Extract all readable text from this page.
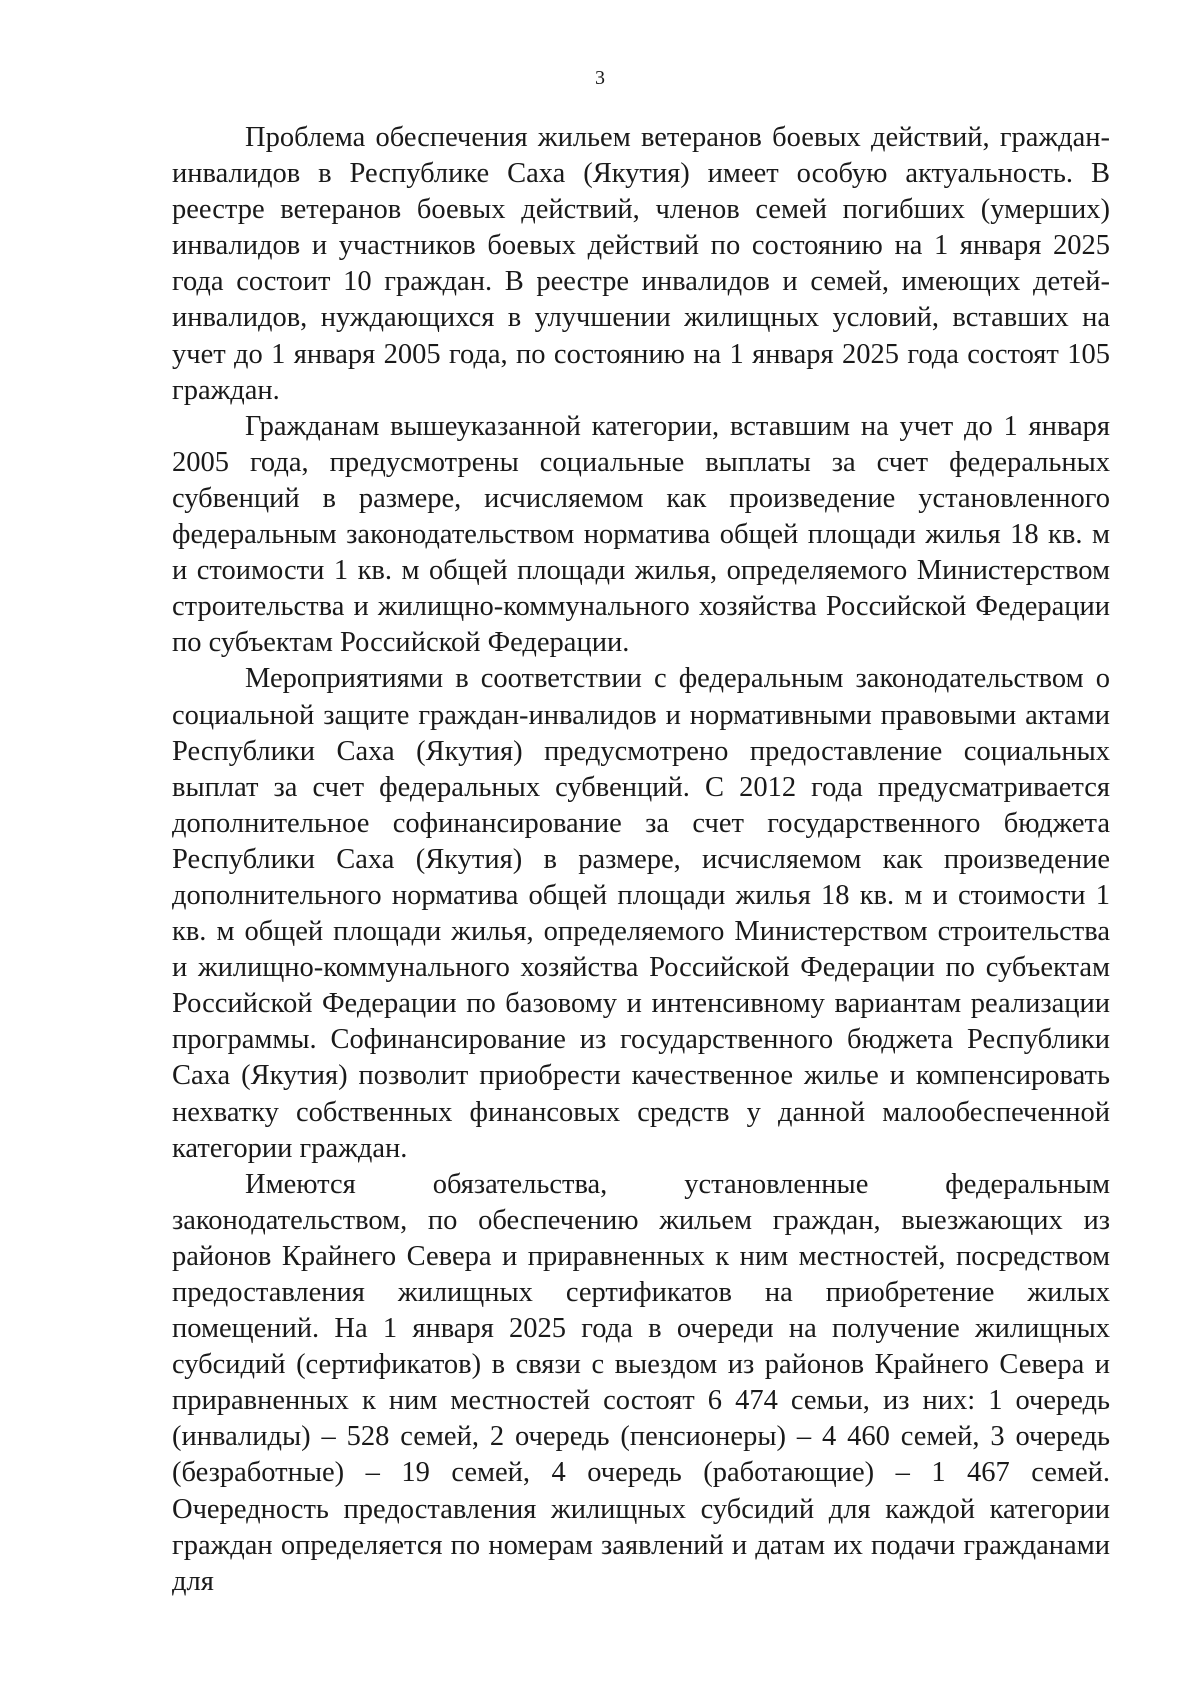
3

Проблема обеспечения жильем ветеранов боевых действий, граждан-инвалидов в Республике Саха (Якутия) имеет особую актуальность. В реестре ветеранов боевых действий, членов семей погибших (умерших) инвалидов и участников боевых действий по состоянию на 1 января 2025 года состоит 10 граждан. В реестре инвалидов и семей, имеющих детей-инвалидов, нуждающихся в улучшении жилищных условий, вставших на учет до 1 января 2005 года, по состоянию на 1 января 2025 года состоят 105 граждан.

Гражданам вышеуказанной категории, вставшим на учет до 1 января 2005 года, предусмотрены социальные выплаты за счет федеральных субвенций в размере, исчисляемом как произведение установленного федеральным законодательством норматива общей площади жилья 18 кв. м и стоимости 1 кв. м общей площади жилья, определяемого Министерством строительства и жилищно-коммунального хозяйства Российской Федерации по субъектам Российской Федерации.

Мероприятиями в соответствии с федеральным законодательством о социальной защите граждан-инвалидов и нормативными правовыми актами Республики Саха (Якутия) предусмотрено предоставление социальных выплат за счет федеральных субвенций. С 2012 года предусматривается дополнительное софинансирование за счет государственного бюджета Республики Саха (Якутия) в размере, исчисляемом как произведение дополнительного норматива общей площади жилья 18 кв. м и стоимости 1 кв. м общей площади жилья, определяемого Министерством строительства и жилищно-коммунального хозяйства Российской Федерации по субъектам Российской Федерации по базовому и интенсивному вариантам реализации программы. Софинансирование из государственного бюджета Республики Саха (Якутия) позволит приобрести качественное жилье и компенсировать нехватку собственных финансовых средств у данной малообеспеченной категории граждан.

Имеются обязательства, установленные федеральным законодательством, по обеспечению жильем граждан, выезжающих из районов Крайнего Севера и приравненных к ним местностей, посредством предоставления жилищных сертификатов на приобретение жилых помещений. На 1 января 2025 года в очереди на получение жилищных субсидий (сертификатов) в связи с выездом из районов Крайнего Севера и приравненных к ним местностей состоят 6 474 семьи, из них: 1 очередь (инвалиды) – 528 семей, 2 очередь (пенсионеры) – 4 460 семей, 3 очередь (безработные) – 19 семей, 4 очередь (работающие) – 1 467 семей. Очередность предоставления жилищных субсидий для каждой категории граждан определяется по номерам заявлений и датам их подачи гражданами для
